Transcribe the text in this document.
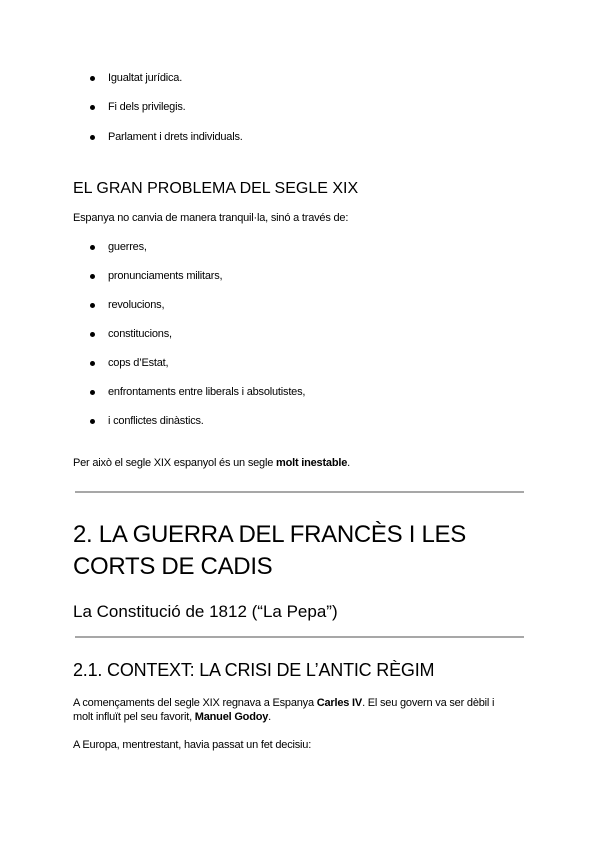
Igualtat jurídica.
Fi dels privilegis.
Parlament i drets individuals.
EL GRAN PROBLEMA DEL SEGLE XIX
Espanya no canvia de manera tranquil·la, sinó a través de:
guerres,
pronunciaments militars,
revolucions,
constitucions,
cops d’Estat,
enfrontaments entre liberals i absolutistes,
i conflictes dinàstics.
Per això el segle XIX espanyol és un segle molt inestable.
2. LA GUERRA DEL FRANCÈS I LES
CORTS DE CADIS
La Constitució de 1812 (“La Pepa”)
2.1. CONTEXT: LA CRISI DE L’ANTIC RÈGIM
A començaments del segle XIX regnava a Espanya Carles IV. El seu govern va ser dèbil i
molt influït pel seu favorit, Manuel Godoy.
A Europa, mentrestant, havia passat un fet decisiu:
